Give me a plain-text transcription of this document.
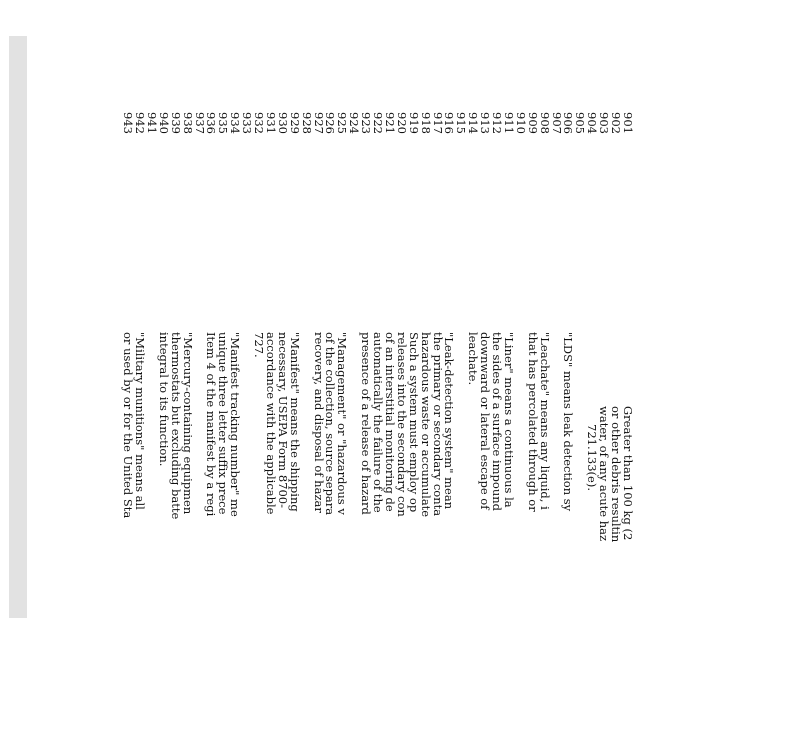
901
Greater than 100 kg (2
902
or other debris resultin
903
water, of any acute haz
904
721.133(e).
905
906
"LDS" means leak detection sy
907
908
"Leachate" means any liquid, i
909
that has percolated through or
910
911
"Liner" means a continuous la
912
the sides of a surface impound
913
downward or lateral escape of
914
leachate.
915
916
"Leak-detection system" mean
917
the primary or secondary conta
918
hazardous waste or accumulate
919
Such a system must employ op
920
releases into the secondary con
921
of an interstitial monitoring de
922
automatically the failure of the
923
presence of a release of hazard
924
925
"Management" or "hazardous v
926
of the collection, source separa
927
recovery, and disposal of hazar
928
929
"Manifest" means the shipping
930
necessary, USEPA Form 8700-
931
accordance with the applicable
932
727.
933
934
"Manifest tracking number" me
935
unique three letter suffix prece
936
Item 4 of the manifest by a regi
937
938
"Mercury-containing equipmen
939
thermostats but excluding batte
940
integral to its function.
941
942
"Military munitions" means all
943
or used by or for the United Sta
